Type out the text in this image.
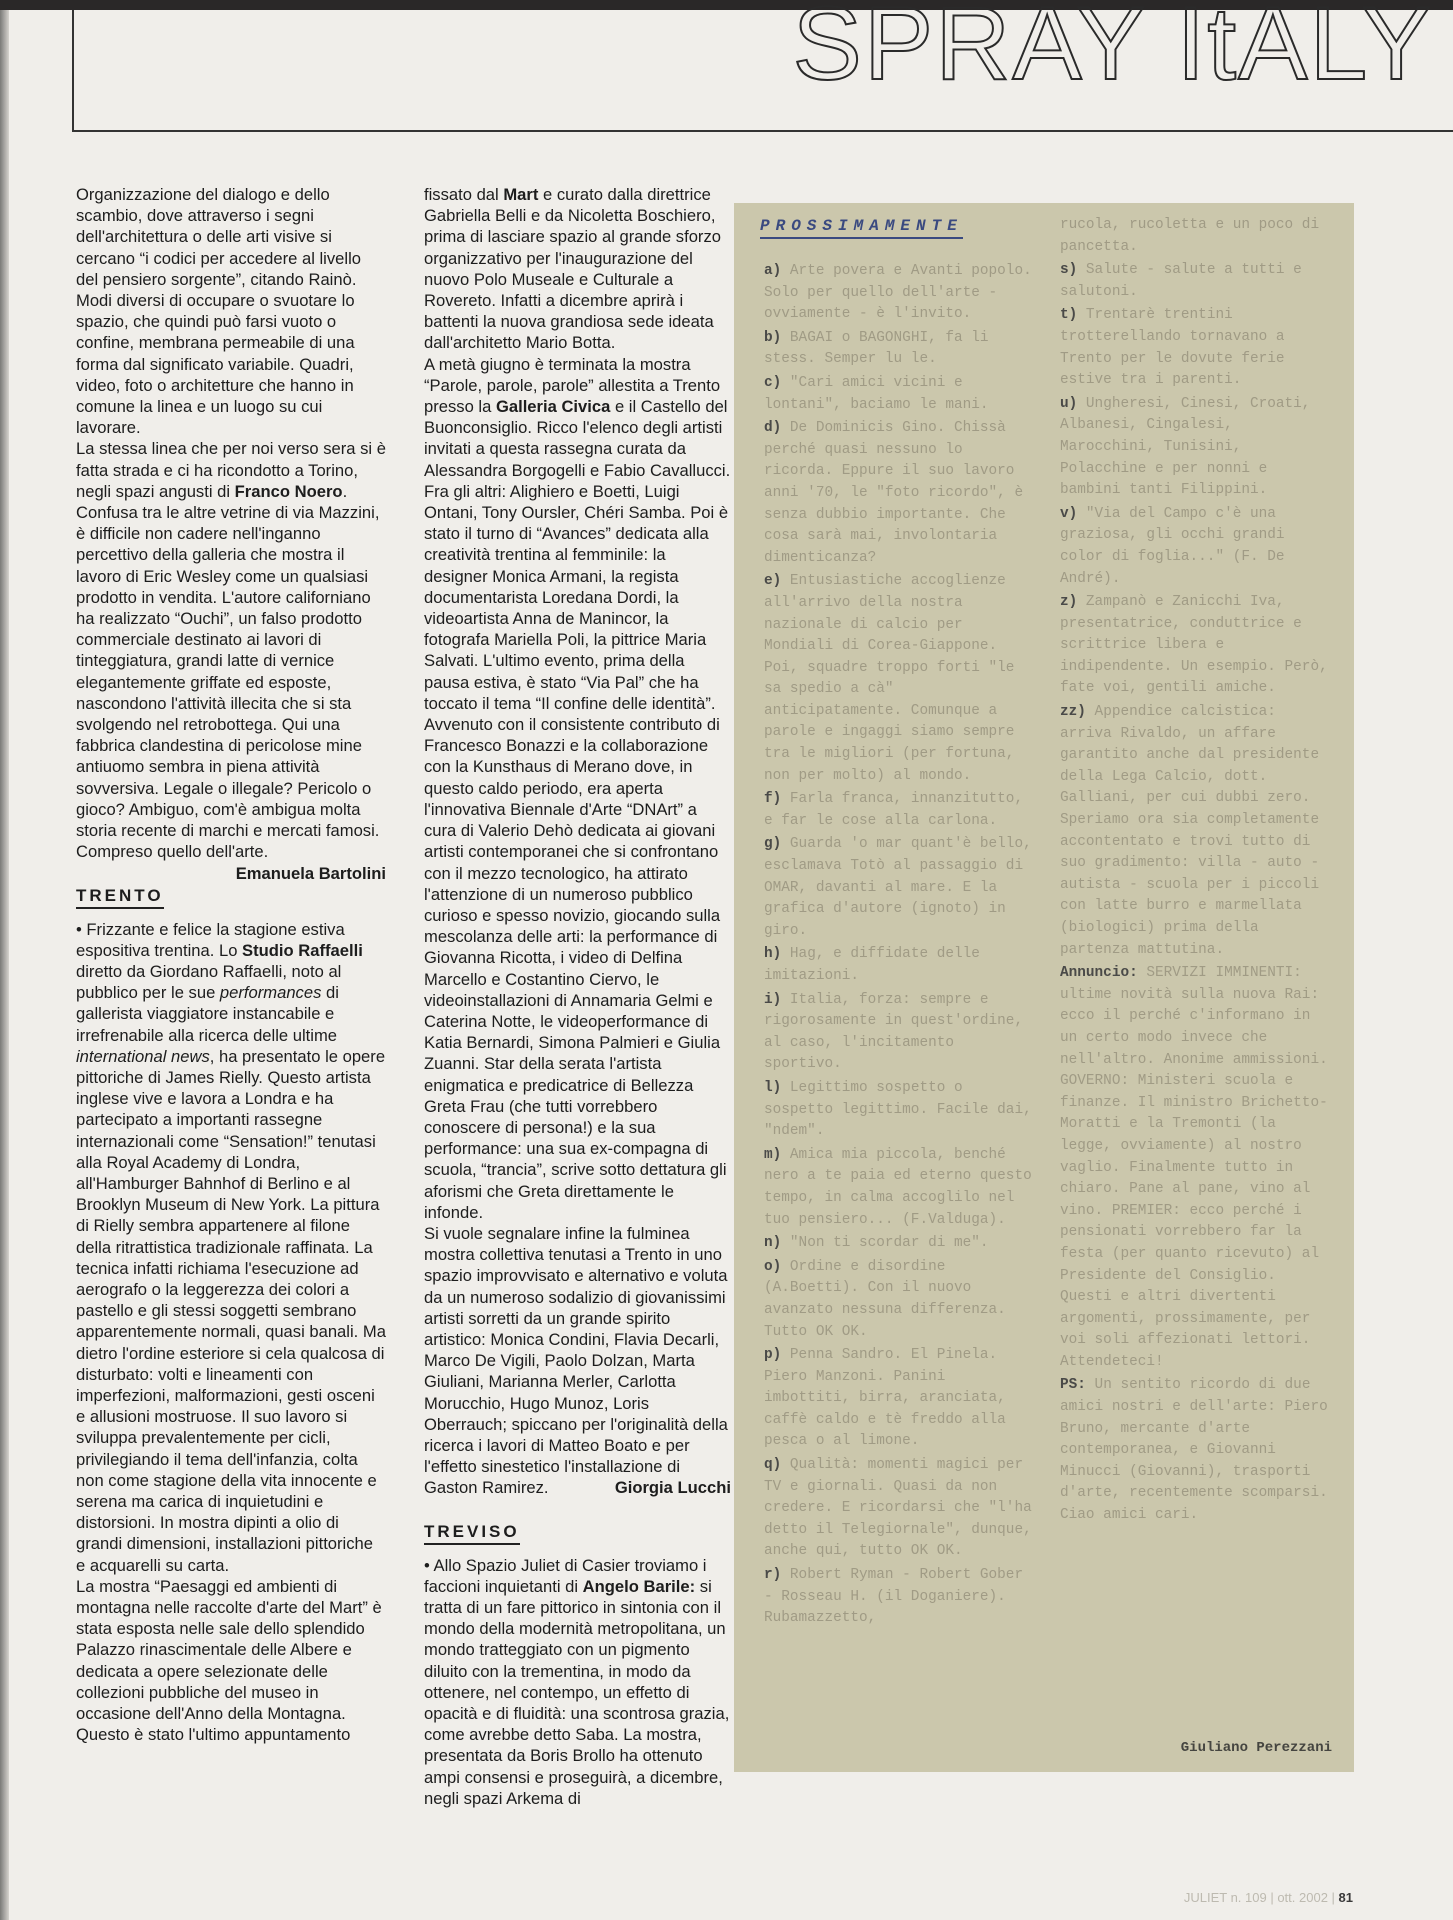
SPRAY ItALY

Organizzazione del dialogo e dello scambio, dove attraverso i segni dell'architettura o delle arti visive si cercano “i codici per accedere al livello del pensiero sorgente”, citando Rainò. Modi diversi di occupare o svuotare lo spazio, che quindi può farsi vuoto o confine, membrana permeabile di una forma dal significato variabile. Quadri, video, foto o architetture che hanno in comune la linea e un luogo su cui lavorare.

La stessa linea che per noi verso sera si è fatta strada e ci ha ricondotto a Torino, negli spazi angusti di Franco Noero. Confusa tra le altre vetrine di via Mazzini, è difficile non cadere nell'inganno percettivo della galleria che mostra il lavoro di Eric Wesley come un qualsiasi prodotto in vendita. L'autore californiano ha realizzato “Ouchi”, un falso prodotto commerciale destinato ai lavori di tinteggiatura, grandi latte di vernice elegantemente griffate ed esposte, nascondono l'attività illecita che si sta svolgendo nel retrobottega. Qui una fabbrica clandestina di pericolose mine antiuomo sembra in piena attività sovversiva. Legale o illegale? Pericolo o gioco? Ambiguo, com'è ambigua molta storia recente di marchi e mercati famosi. Compreso quello dell'arte.
Emanuela Bartolini

TRENTO

• Frizzante e felice la stagione estiva espositiva trentina. Lo Studio Raffaelli diretto da Giordano Raffaelli, noto al pubblico per le sue performances di gallerista viaggiatore instancabile e irrefrenabile alla ricerca delle ultime international news, ha presentato le opere pittoriche di James Rielly. Questo artista inglese vive e lavora a Londra e ha partecipato a importanti rassegne internazionali come “Sensation!” tenutasi alla Royal Academy di Londra, all'Hamburger Bahnhof di Berlino e al Brooklyn Museum di New York. La pittura di Rielly sembra appartenere al filone della ritrattistica tradizionale raffinata. La tecnica infatti richiama l'esecuzione ad aerografo o la leggerezza dei colori a pastello e gli stessi soggetti sembrano apparentemente normali, quasi banali. Ma dietro l'ordine esteriore si cela qualcosa di disturbato: volti e lineamenti con imperfezioni, malformazioni, gesti osceni e allusioni mostruose. Il suo lavoro si sviluppa prevalentemente per cicli, privilegiando il tema dell'infanzia, colta non come stagione della vita innocente e serena ma carica di inquietudini e distorsioni. In mostra dipinti a olio di grandi dimensioni, installazioni pittoriche e acquarelli su carta.

La mostra “Paesaggi ed ambienti di montagna nelle raccolte d'arte del Mart” è stata esposta nelle sale dello splendido Palazzo rinascimentale delle Albere e dedicata a opere selezionate delle collezioni pubbliche del museo in occasione dell'Anno della Montagna. Questo è stato l'ultimo appuntamento

fissato dal Mart e curato dalla direttrice Gabriella Belli e da Nicoletta Boschiero, prima di lasciare spazio al grande sforzo organizzativo per l'inaugurazione del nuovo Polo Museale e Culturale a Rovereto. Infatti a dicembre aprirà i battenti la nuova grandiosa sede ideata dall'architetto Mario Botta.

A metà giugno è terminata la mostra “Parole, parole, parole” allestita a Trento presso la Galleria Civica e il Castello del Buonconsiglio. Ricco l'elenco degli artisti invitati a questa rassegna curata da Alessandra Borgogelli e Fabio Cavallucci. Fra gli altri: Alighiero e Boetti, Luigi Ontani, Tony Oursler, Chéri Samba. Poi è stato il turno di “Avances” dedicata alla creatività trentina al femminile: la designer Monica Armani, la regista documentarista Loredana Dordi, la videoartista Anna de Manincor, la fotografa Mariella Poli, la pittrice Maria Salvati. L'ultimo evento, prima della pausa estiva, è stato “Via Pal” che ha toccato il tema “Il confine delle identità”. Avvenuto con il consistente contributo di Francesco Bonazzi e la collaborazione con la Kunsthaus di Merano dove, in questo caldo periodo, era aperta l'innovativa Biennale d'Arte “DNArt” a cura di Valerio Dehò dedicata ai giovani artisti contemporanei che si confrontano con il mezzo tecnologico, ha attirato l'attenzione di un numeroso pubblico curioso e spesso novizio, giocando sulla mescolanza delle arti: la performance di Giovanna Ricotta, i video di Delfina Marcello e Costantino Ciervo, le videoinstallazioni di Annamaria Gelmi e Caterina Notte, le videoperformance di Katia Bernardi, Simona Palmieri e Giulia Zuanni. Star della serata l'artista enigmatica e predicatrice di Bellezza Greta Frau (che tutti vorrebbero conoscere di persona!) e la sua performance: una sua ex-compagna di scuola, “trancia”, scrive sotto dettatura gli aforismi che Greta direttamente le infonde.

Si vuole segnalare infine la fulminea mostra collettiva tenutasi a Trento in uno spazio improvvisato e alternativo e voluta da un numeroso sodalizio di giovanissimi artisti sorretti da un grande spirito artistico: Monica Condini, Flavia Decarli, Marco De Vigili, Paolo Dolzan, Marta Giuliani, Marianna Merler, Carlotta Morucchio, Hugo Munoz, Loris Oberrauch; spiccano per l'originalità della ricerca i lavori di Matteo Boato e per l'effetto sinestetico l'installazione di Gaston Ramirez.	Giorgia Lucchi

TREVISO

• Allo Spazio Juliet di Casier troviamo i faccioni inquietanti di Angelo Barile: si tratta di un fare pittorico in sintonia con il mondo della modernità metropolitana, un mondo tratteggiato con un pigmento diluito con la trementina, in modo da ottenere, nel contempo, un effetto di opacità e di fluidità: una scontrosa grazia, come avrebbe detto Saba. La mostra, presentata da Boris Brollo ha ottenuto ampi consensi e proseguirà, a dicembre, negli spazi Arkema di

PROSSIMAMENTE

a) Arte povera e Avanti popolo. Solo per quello dell'arte - ovviamente - è l'invito.

b) BAGAI o BAGONGHI, fa li stess. Semper lu le.

c) "Cari amici vicini e lontani", baciamo le mani.

d) De Dominicis Gino. Chissà perché quasi nessuno lo ricorda. Eppure il suo lavoro anni '70, le "foto ricordo", è senza dubbio importante. Che cosa sarà mai, involontaria dimenticanza?

e) Entusiastiche accoglienze all'arrivo della nostra nazionale di calcio per Mondiali di Corea-Giappone. Poi, squadre troppo forti "le sa spedio a cà" anticipatamente. Comunque a parole e ingaggi siamo sempre tra le migliori (per fortuna, non per molto) al mondo.

f) Farla franca, innanzitutto, e far le cose alla carlona.

g) Guarda 'o mar quant'è bello, esclamava Totò al passaggio di OMAR, davanti al mare. E la grafica d'autore (ignoto) in giro.

h) Hag, e diffidate delle imitazioni.

i) Italia, forza: sempre e rigorosamente in quest'ordine, al caso, l'incitamento sportivo.

l) Legittimo sospetto o sospetto legittimo. Facile dai, "ndem".

m) Amica mia piccola, benché nero a te paia ed eterno questo tempo, in calma accoglilo nel tuo pensiero... (F.Valduga).

n) "Non ti scordar di me".

o) Ordine e disordine (A.Boetti). Con il nuovo avanzato nessuna differenza. Tutto OK OK.

p) Penna Sandro. El Pinela. Piero Manzoni. Panini imbottiti, birra, aranciata, caffè caldo e tè freddo alla pesca o al limone.

q) Qualità: momenti magici per TV e giornali. Quasi da non credere. E ricordarsi che "l'ha detto il Telegiornale", dunque, anche qui, tutto OK OK.

r) Robert Ryman - Robert Gober - Rosseau H. (il Doganiere). Rubamazzetto,

rucola, rucoletta e un poco di pancetta.

s) Salute - salute a tutti e salutoni.

t) Trentarè trentini trotterellando tornavano a Trento per le dovute ferie estive tra i parenti.

u) Ungheresi, Cinesi, Croati, Albanesi, Cingalesi, Marocchini, Tunisini, Polacchine e per nonni e bambini tanti Filippini.

v) "Via del Campo c'è una graziosa, gli occhi grandi color di foglia..." (F. De André).

z) Zampanò e Zanicchi Iva, presentatrice, conduttrice e scrittrice libera e indipendente. Un esempio. Però, fate voi, gentili amiche.

zz) Appendice calcistica: arriva Rivaldo, un affare garantito anche dal presidente della Lega Calcio, dott. Galliani, per cui dubbi zero. Speriamo ora sia completamente accontentato e trovi tutto di suo gradimento: villa - auto - autista - scuola per i piccoli con latte burro e marmellata (biologici) prima della partenza mattutina.

Annuncio: SERVIZI IMMINENTI: ultime novità sulla nuova Rai: ecco il perché c'informano in un certo modo invece che nell'altro. Anonime ammissioni. GOVERNO: Ministeri scuola e finanze. Il ministro Brichetto-Moratti e la Tremonti (la legge, ovviamente) al nostro vaglio. Finalmente tutto in chiaro. Pane al pane, vino al vino. PREMIER: ecco perché i pensionati vorrebbero far la festa (per quanto ricevuto) al Presidente del Consiglio. Questi e altri divertenti argomenti, prossimamente, per voi soli affezionati lettori. Attendeteci!

PS: Un sentito ricordo di due amici nostri e dell'arte: Piero Bruno, mercante d'arte contemporanea, e Giovanni Minucci (Giovanni), trasporti d'arte, recentemente scomparsi. Ciao amici cari.

Giuliano Perezzani
JULIET n. 109 | ott. 2002 | 81
